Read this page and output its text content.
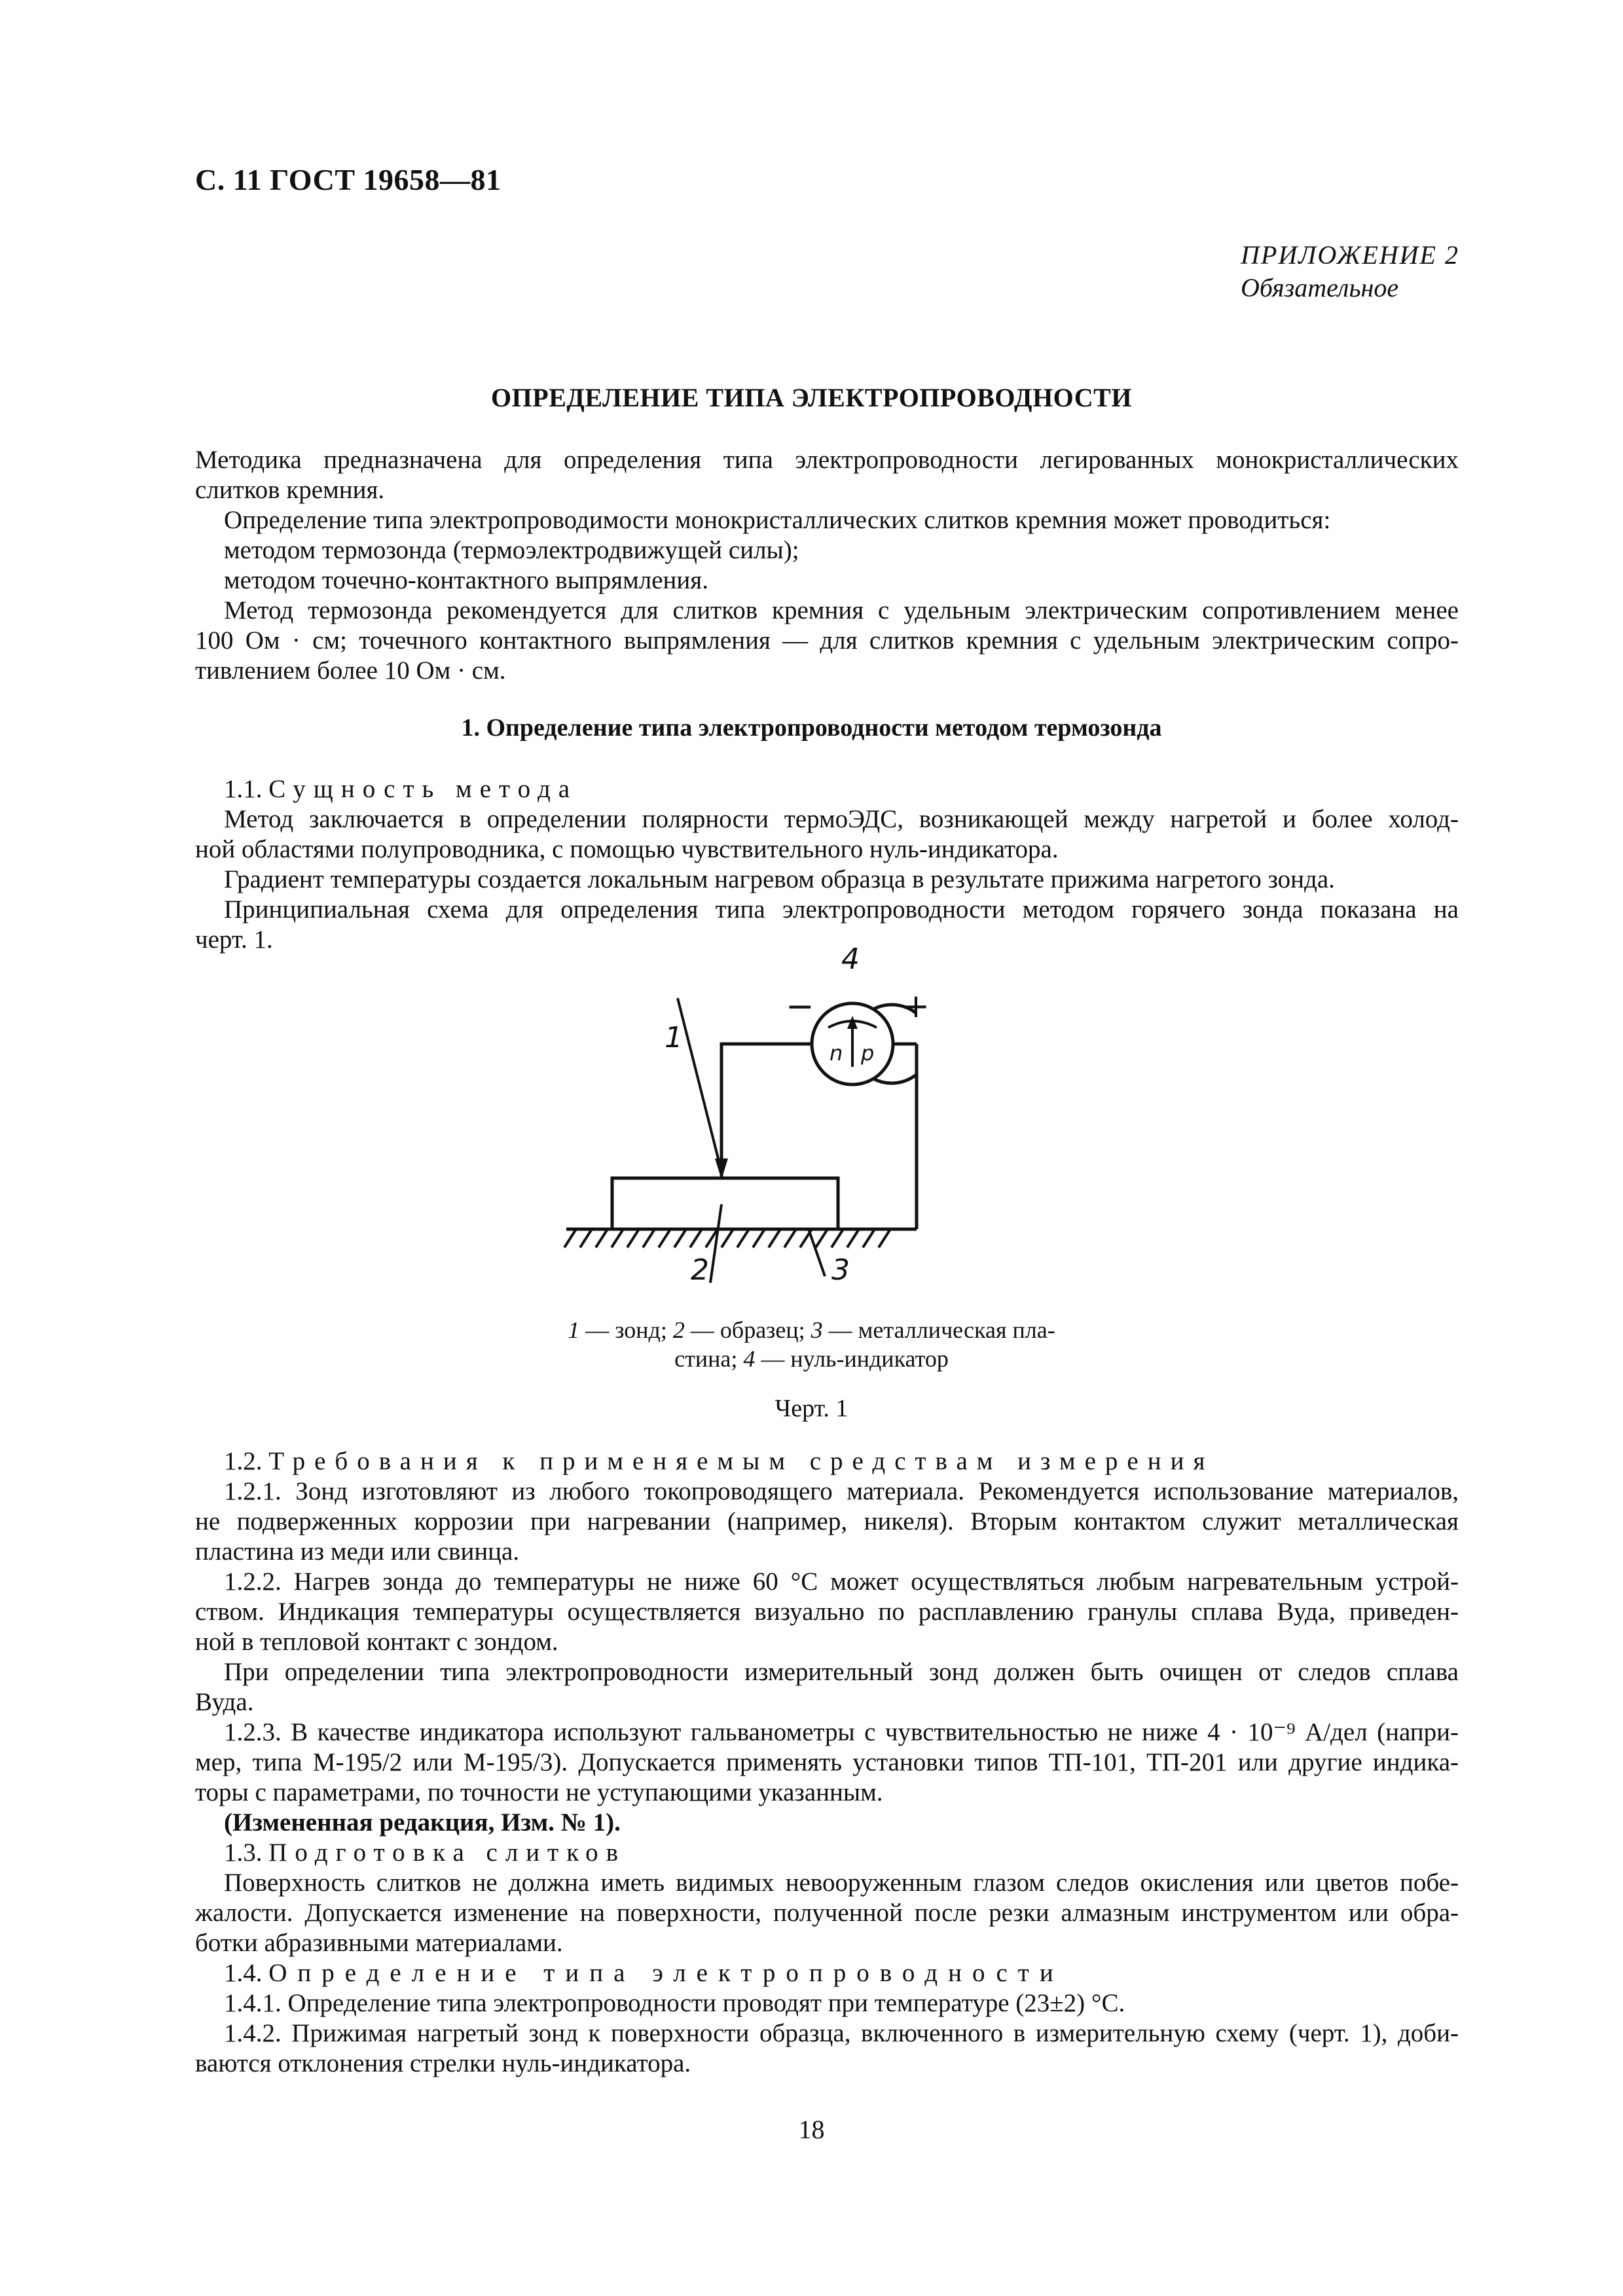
С. 11 ГОСТ 19658—81
ПРИЛОЖЕНИЕ 2
Обязательное
ОПРЕДЕЛЕНИЕ ТИПА ЭЛЕКТРОПРОВОДНОСТИ

Методика предназначена для определения типа электропроводности легированных монокристаллических

слитков кремния.

Определение типа электропроводимости монокристаллических слитков кремния может проводиться:

методом термозонда (термоэлектродвижущей силы);

методом точечно-контактного выпрямления.

Метод термозонда рекомендуется для слитков кремния с удельным электрическим сопротивлением менее

100 Ом · см; точечного контактного выпрямления — для слитков кремния с удельным электрическим сопро-

тивлением более 10 Ом · см.

1. Определение типа электропроводности методом термозонда

1.1. Сущность метода

Метод заключается в определении полярности термоЭДС, возникающей между нагретой и более холод-

ной областями полупроводника, с помощью чувствительного нуль-индикатора.

Градиент температуры создается локальным нагревом образца в результате прижима нагретого зонда.

Принципиальная схема для определения типа электропроводности методом горячего зонда показана на

черт. 1.

1
4
−	+
n p
2	3
1 — зонд; 2 — образец; 3 — металлическая пла-
стина; 4 — нуль-индикатор
Черт. 1

1.2. Требования к применяемым средствам измерения

1.2.1. Зонд изготовляют из любого токопроводящего материала. Рекомендуется использование материалов,

не подверженных коррозии при нагревании (например, никеля). Вторым контактом служит металлическая

пластина из меди или свинца.

1.2.2. Нагрев зонда до температуры не ниже 60 °С может осуществляться любым нагревательным устрой-

ством. Индикация температуры осуществляется визуально по расплавлению гранулы сплава Вуда, приведен-

ной в тепловой контакт с зондом.

При определении типа электропроводности измерительный зонд должен быть очищен от следов сплава

Вуда.

1.2.3. В качестве индикатора используют гальванометры с чувствительностью не ниже 4 · 10⁻⁹ А/дел (напри-

мер, типа М-195/2 или М-195/3). Допускается применять установки типов ТП-101, ТП-201 или другие индика-

торы с параметрами, по точности не уступающими указанным.

(Измененная редакция, Изм. № 1).

1.3. Подготовка слитков

Поверхность слитков не должна иметь видимых невооруженным глазом следов окисления или цветов побе-

жалости. Допускается изменение на поверхности, полученной после резки алмазным инструментом или обра-

ботки абразивными материалами.

1.4. Определение типа электропроводности

1.4.1. Определение типа электропроводности проводят при температуре (23±2) °С.

1.4.2. Прижимая нагретый зонд к поверхности образца, включенного в измерительную схему (черт. 1), доби-

ваются отклонения стрелки нуль-индикатора.

18
